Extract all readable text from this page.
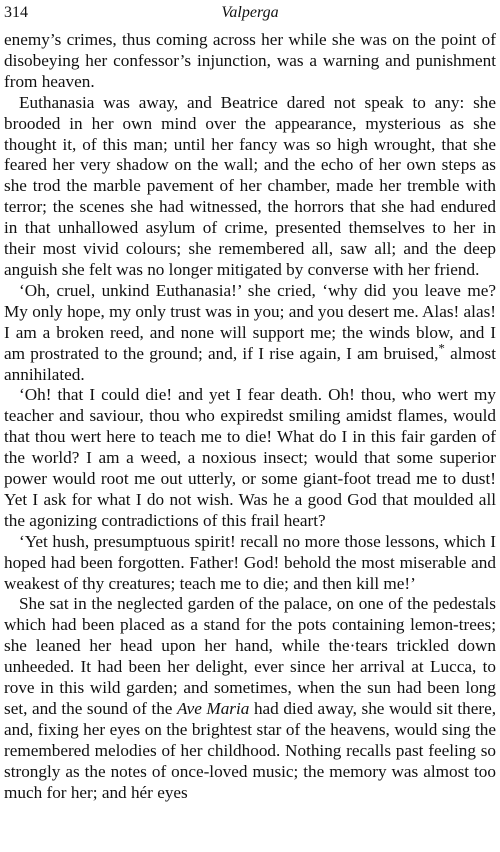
314	Valperga

enemy’s crimes, thus coming across her while she was on the point of disobeying her confessor’s injunction, was a warning and punishment from heaven.

Euthanasia was away, and Beatrice dared not speak to any: she brooded in her own mind over the appearance, mysterious as she thought it, of this man; until her fancy was so high wrought, that she feared her very shadow on the wall; and the echo of her own steps as she trod the marble pavement of her chamber, made her tremble with terror; the scenes she had witnessed, the horrors that she had endured in that unhallowed asylum of crime, presented themselves to her in their most vivid colours; she remembered all, saw all; and the deep anguish she felt was no longer mitigated by converse with her friend.

‘Oh, cruel, unkind Euthanasia!’ she cried, ‘why did you leave me? My only hope, my only trust was in you; and you desert me. Alas! alas! I am a broken reed, and none will support me; the winds blow, and I am prostrated to the ground; and, if I rise again, I am bruised,* almost annihilated.

‘Oh! that I could die! and yet I fear death. Oh! thou, who wert my teacher and saviour, thou who expiredst smiling amidst flames, would that thou wert here to teach me to die! What do I in this fair garden of the world? I am a weed, a noxious insect; would that some superior power would root me out utterly, or some giant-foot tread me to dust! Yet I ask for what I do not wish. Was he a good God that moulded all the agonizing contradictions of this frail heart?

‘Yet hush, presumptuous spirit! recall no more those lessons, which I hoped had been forgotten. Father! God! behold the most miserable and weakest of thy creatures; teach me to die; and then kill me!’

She sat in the neglected garden of the palace, on one of the pedestals which had been placed as a stand for the pots containing lemon-trees; she leaned her head upon her hand, while the·tears trickled down unheeded. It had been her delight, ever since her arrival at Lucca, to rove in this wild garden; and sometimes, when the sun had been long set, and the sound of the Ave Maria had died away, she would sit there, and, fixing her eyes on the brightest star of the heavens, would sing the remembered melodies of her childhood. Nothing recalls past feeling so strongly as the notes of once-loved music; the memory was almost too much for her; and hér eyes
